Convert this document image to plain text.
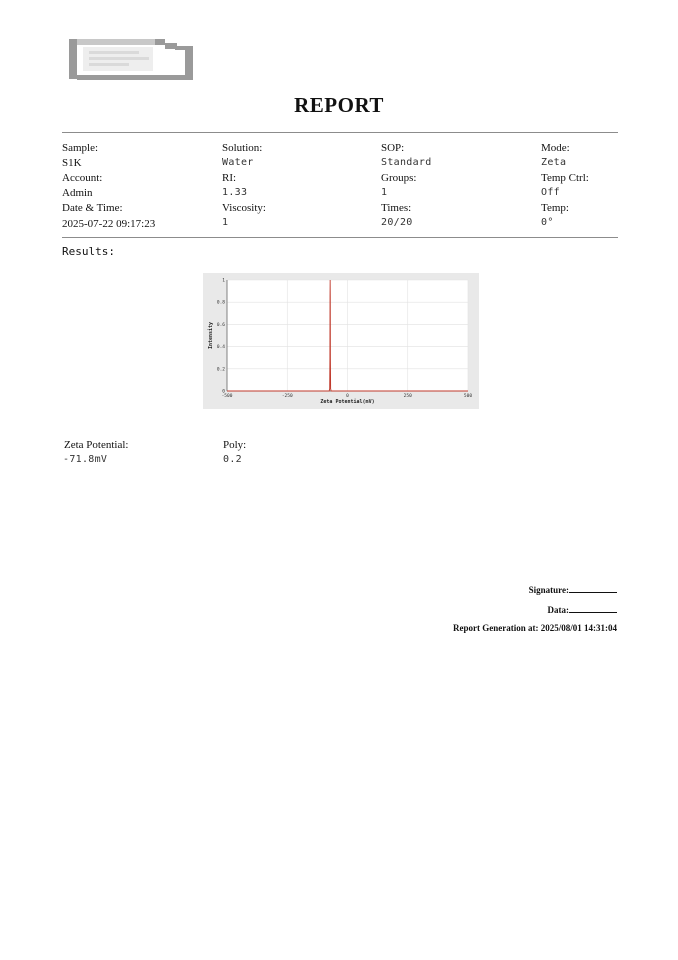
REPORT
Sample:
S1K
Solution:
Water
SOP:
Standard
Mode:
Zeta
Account:
Admin
RI:
1.33
Groups:
1
Temp Ctrl:
Off
Date & Time:
2025-07-22 09:17:23
Viscosity:
1
Times:
20/20
Temp:
0°
Results:
-500	-250	0	250	500
0
0.2
0.4
0.6
0.8
1
Zeta Potential(mV)
Intensity
Zeta Potential:
-71.8mV
Poly:
0.2
Signature:
Data:
Report Generation at: 2025/08/01 14:31:04
